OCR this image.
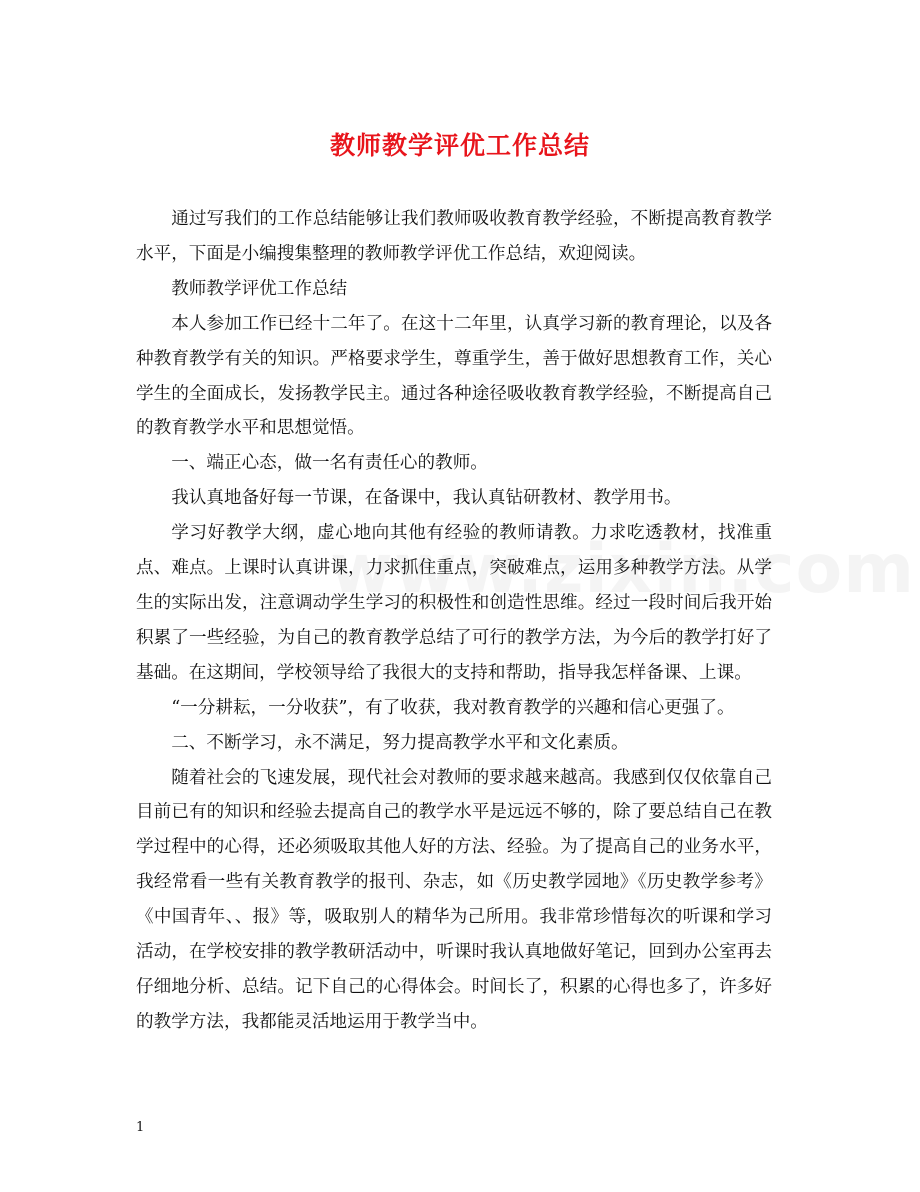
教师教学评优工作总结

通过写我们的工作总结能够让我们教师吸收教育教学经验，不断提高教育教学水平，下面是小编搜集整理的教师教学评优工作总结，欢迎阅读。

教师教学评优工作总结

本人参加工作已经十二年了。在这十二年里，认真学习新的教育理论，以及各种教育教学有关的知识。严格要求学生，尊重学生，善于做好思想教育工作，关心学生的全面成长，发扬教学民主。通过各种途径吸收教育教学经验，不断提高自己的教育教学水平和思想觉悟。

一、端正心态，做一名有责任心的教师。

我认真地备好每一节课，在备课中，我认真钻研教材、教学用书。

学习好教学大纲，虚心地向其他有经验的教师请教。力求吃透教材，找准重点、难点。上课时认真讲课，力求抓住重点，突破难点，运用多种教学方法。从学生的实际出发，注意调动学生学习的积极性和创造性思维。经过一段时间后我开始积累了一些经验，为自己的教育教学总结了可行的教学方法，为今后的教学打好了基础。在这期间，学校领导给了我很大的支持和帮助，指导我怎样备课、上课。

“一分耕耘，一分收获”，有了收获，我对教育教学的兴趣和信心更强了。

二、不断学习，永不满足，努力提高教学水平和文化素质。

随着社会的飞速发展，现代社会对教师的要求越来越高。我感到仅仅依靠自己目前已有的知识和经验去提高自己的教学水平是远远不够的，除了要总结自己在教学过程中的心得，还必须吸取其他人好的方法、经验。为了提高自己的业务水平，我经常看一些有关教育教学的报刊、杂志，如《历史教学园地》《历史教学参考》《中国青年、、报》等，吸取别人的精华为己所用。我非常珍惜每次的听课和学习活动，在学校安排的教学教研活动中，听课时我认真地做好笔记，回到办公室再去仔细地分析、总结。记下自己的心得体会。时间长了，积累的心得也多了，许多好的教学方法，我都能灵活地运用于教学当中。

1
